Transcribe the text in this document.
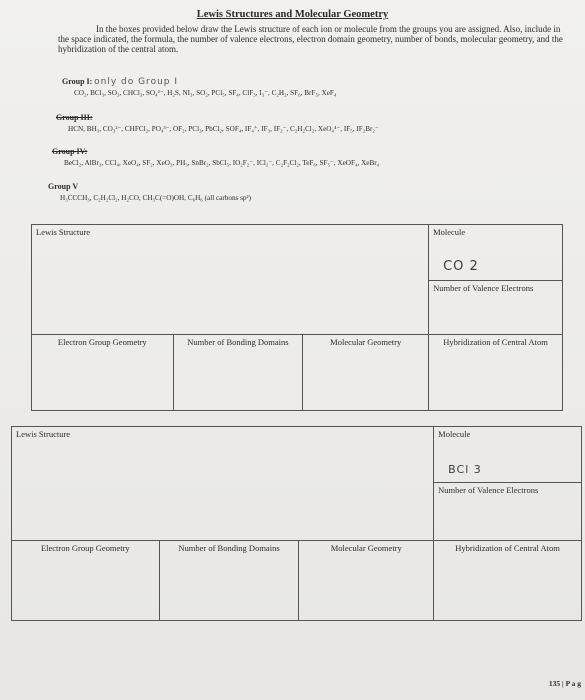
Lewis Structures and Molecular Geometry
In the boxes provided below draw the Lewis structure of each ion or molecule from the groups you are assigned. Also, include in the space indicated, the formula, the number of valence electrons, electron domain geometry, number of bonds, molecular geometry, and the hybridization of the central atom.
Group I: only do Group I
CO₂, BCl₃, SO₃, CHCl₃, SO₄²⁻, H₂S, NI₃, SO₂, PCl₅, SF₄, ClF₃, I₃⁻, C₂H₂, SF₆, BrF₅, XeF₄
Group III:
HCN, BH₃, CO₃²⁻, CHFCl₂, PO₄³⁻, OF₂, PCl₃, PbCl₂, SOF₄, IF₄⁺, IF₃, IF₂⁻, C₂H₂Cl₂, XeO₄⁴⁻, IF₅, IF₂Br₂⁻
Group IV:
BeCl₂, AlBr₃, CCl₄, XeO₄, SF₂, XeO₃, PH₃, SnBr₂, SbCl₅, IO₂F₂⁻, ICl₂⁻, C₂F₂Cl₂, TeF₆, SF₅⁻, XeOF₄, XeBr₄
Group V
H₃CCCH₃, C₂H₂Cl₂, H₂CO, CH₃C(=O)OH, C₆H₆ (all carbons sp²)
Lewis Structure			Molecule
CO 2

			Number of Valence Electrons

Electron Group Geometry	Number of Bonding Domains	Molecular Geometry	Hybridization of Central Atom
Lewis Structure			Molecule
BCl 3

			Number of Valence Electrons

Electron Group Geometry	Number of Bonding Domains	Molecular Geometry	Hybridization of Central Atom
135 | P a g
